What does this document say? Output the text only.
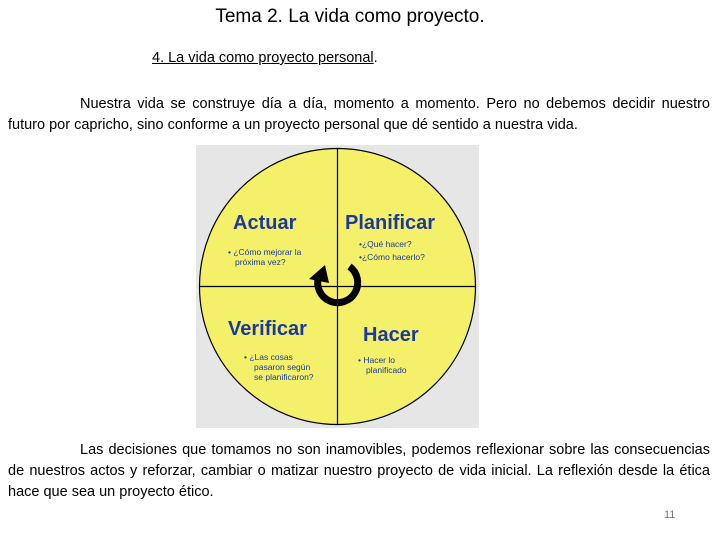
Tema 2. La vida como proyecto.
4. La vida como proyecto personal.
Nuestra vida se construye día a día, momento a momento. Pero no debemos decidir nuestro futuro por capricho, sino conforme a un proyecto personal que dé sentido a nuestra vida.
Actuar
• ¿Cómo mejorar la
próxima vez?
Planificar
•¿Qué hacer?
•¿Cómo hacerlo?
Verificar
• ¿Las cosas
pasaron según
se planificaron?
Hacer
• Hacer lo
planificado
Las decisiones que tomamos no son inamovibles, podemos reflexionar sobre las consecuencias de nuestros actos y reforzar, cambiar o matizar nuestro proyecto de vida inicial. La reflexión desde la ética hace que sea un proyecto ético.
11
